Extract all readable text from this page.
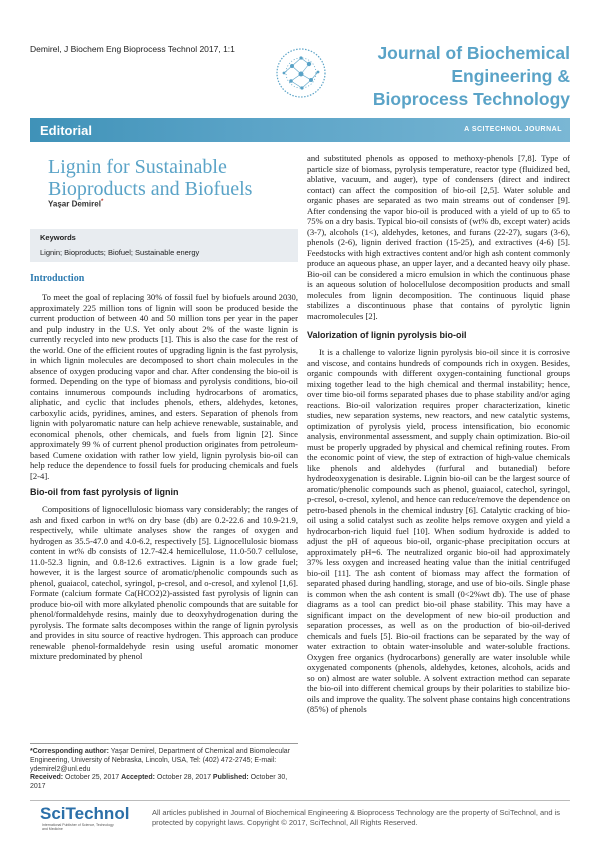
Demirel, J Biochem Eng Bioprocess Technol 2017, 1:1	Journal of Biochemical
Engineering &
Bioprocess Technology
Editorial	A SCITECHNOL JOURNAL
Lignin for Sustainable
Bioproducts and Biofuels
Yaşar Demirel*
Keywords
Lignin; Bioproducts; Biofuel; Sustainable energy
Introduction

To meet the goal of replacing 30% of fossil fuel by biofuels around 2030, approximately 225 million tons of lignin will soon be produced beside the current production of between 40 and 50 million tons per year in the paper and pulp industry in the U.S. Yet only about 2% of the waste lignin is currently recycled into new products [1]. This is also the case for the rest of the world. One of the efficient routes of upgrading lignin is the fast pyrolysis, in which lignin molecules are decomposed to short chain molecules in the absence of oxygen producing vapor and char. After condensing the bio-oil is formed. Depending on the type of biomass and pyrolysis conditions, bio-oil contains innumerous compounds including hydrocarbons of aromatics, aliphatic, and cyclic that includes phenols, ethers, aldehydes, ketones, carboxylic acids, pyridines, amines, and esters. Separation of phenols from lignin with polyaromatic nature can help achieve renewable, sustainable, and economical phenols, other chemicals, and fuels from lignin [2]. Since approximately 99 % of current phenol production originates from petroleum-based Cumene oxidation with rather low yield, lignin pyrolysis bio-oil can help reduce the dependence to fossil fuels for producing chemicals and fuels [2-4].

Bio-oil from fast pyrolysis of lignin

Compositions of lignocellulosic biomass vary considerably; the ranges of ash and fixed carbon in wt% on dry base (db) are 0.2-22.6 and 10.9-21.9, respectively, while ultimate analyses show the ranges of oxygen and hydrogen as 35.5-47.0 and 4.0-6.2, respectively [5]. Lignocellulosic biomass content in wt% db consists of 12.7-42.4 hemicellulose, 11.0-50.7 cellulose, 11.0-52.3 lignin, and 0.8-12.6 extractives. Lignin is a low grade fuel; however, it is the largest source of aromatic/phenolic compounds such as phenol, guaiacol, catechol, syringol, p-cresol, and o-cresol, and xylenol [1,6]. Formate (calcium formate Ca(HCO2)2)-assisted fast pyrolysis of lignin can produce bio-oil with more alkylated phenolic compounds that are suitable for phenol/formaldehyde resins, mainly due to deoxyhydrogenation during the pyrolysis. The formate salts decomposes within the range of lignin pyrolysis and provides in situ source of reactive hydrogen. This approach can produce renewable phenol-formaldehyde resin using useful aromatic monomer mixture predominated by phenol

and substituted phenols as opposed to methoxy-phenols [7,8]. Type of particle size of biomass, pyrolysis temperature, reactor type (fluidized bed, ablative, vacuum, and auger), type of condensers (direct and indirect contact) can affect the composition of bio-oil [2,5]. Water soluble and organic phases are separated as two main streams out of condenser [9]. After condensing the vapor bio-oil is produced with a yield of up to 65 to 75% on a dry basis. Typical bio-oil consists of (wt% db, except water) acids (3-7), alcohols (1<), aldehydes, ketones, and furans (22-27), sugars (3-6), phenols (2-6), lignin derived fraction (15-25), and extractives (4-6) [5]. Feedstocks with high extractives content and/or high ash content commonly produce an aqueous phase, an upper layer, and a decanted heavy oily phase. Bio-oil can be considered a micro emulsion in which the continuous phase is an aqueous solution of holocellulose decomposition products and small molecules from lignin decomposition. The continuous liquid phase stabilizes a discontinuous phase that contains of pyrolytic lignin macromolecules [2].

Valorization of lignin pyrolysis bio-oil

It is a challenge to valorize lignin pyrolysis bio-oil since it is corrosive and viscose, and contains hundreds of compounds rich in oxygen. Besides, organic compounds with different oxygen-containing functional groups mixing together lead to the high chemical and thermal instability; hence, over time bio-oil forms separated phases due to phase stability and/or aging reactions. Bio-oil valorization requires proper characterization, kinetic studies, new separation systems, new reactors, and new catalytic systems, optimization of pyrolysis yield, process intensification, bio economic analysis, environmental assessment, and supply chain optimization. Bio-oil must be properly upgraded by physical and chemical refining routes. From the economic point of view, the step of extraction of high-value chemicals like phenols and aldehydes (furfural and butanedial) before hydrodeoxygenation is desirable. Lignin bio-oil can be the largest source of aromatic/phenolic compounds such as phenol, guaiacol, catechol, syringol, p-cresol, o-cresol, xylenol, and hence can reduce/remove the dependence on petro-based phenols in the chemical industry [6]. Catalytic cracking of bio-oil using a solid catalyst such as zeolite helps remove oxygen and yield a hydrocarbon-rich liquid fuel [10]. When sodium hydroxide is added to adjust the pH of aqueous bio-oil, organic-phase precipitation occurs at approximately pH=6. The neutralized organic bio-oil had approximately 37% less oxygen and increased heating value than the initial centrifuged bio-oil [11]. The ash content of biomass may affect the formation of separated phased during handling, storage, and use of bio-oils. Single phase is common when the ash content is small (0<2%wt db). The use of phase diagrams as a tool can predict bio-oil phase stability. This may have a significant impact on the development of new bio-oil production and separation processes, as well as on the production of bio-oil-derived chemicals and fuels [5]. Bio-oil fractions can be separated by the way of water extraction to obtain water-insoluble and water-soluble fractions. Oxygen free organics (hydrocarbons) generally are water insoluble while oxygenated components (phenols, aldehydes, ketones, alcohols, acids and so on) almost are water soluble. A solvent extraction method can separate the bio-oil into different chemical groups by their polarities to stabilize bio-oils and improve the quality. The solvent phase contains high concentrations (85%) of phenols

*Corresponding author: Yaşar Demirel, Department of Chemical and Biomolecular Engineering, University of Nebraska, Lincoln, USA, Tel: (402) 472-2745; E-mail: ydemirel2@unl.edu
Received: October 25, 2017 Accepted: October 28, 2017 Published: October 30, 2017
SciTechnol
International Publisher of Science, Technology and Medicine
All articles published in Journal of Biochemical Engineering & Bioprocess Technology are the property of SciTechnol, and is protected by copyright laws. Copyright © 2017, SciTechnol, All Rights Reserved.
